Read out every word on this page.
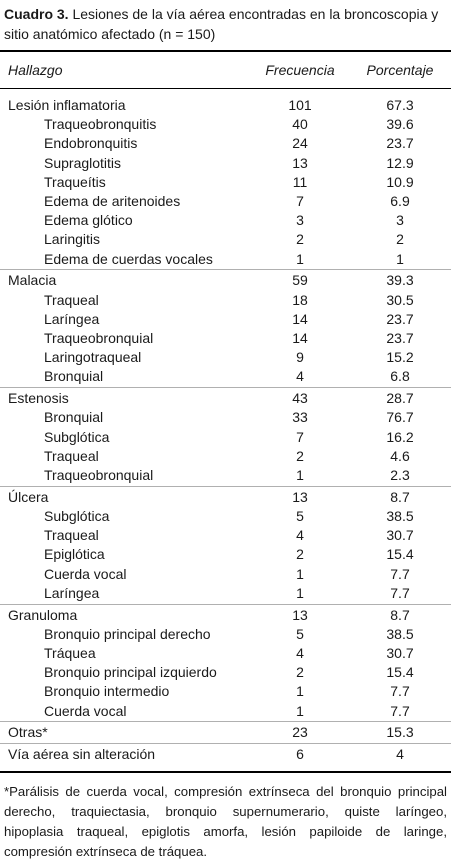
Cuadro 3. Lesiones de la vía aérea encontradas en la broncoscopia y sitio anatómico afectado (n = 150)
Hallazgo	Frecuencia	Porcentaje
Lesión inflamatoria	101	67.3
Traqueobronquitis	40	39.6
Endobronquitis	24	23.7
Supraglotitis	13	12.9
Traqueítis	11	10.9
Edema de aritenoides	7	6.9
Edema glótico	3	3
Laringitis	2	2
Edema de cuerdas vocales	1	1
Malacia	59	39.3
Traqueal	18	30.5
Laríngea	14	23.7
Traqueobronquial	14	23.7
Laringotraqueal	9	15.2
Bronquial	4	6.8
Estenosis	43	28.7
Bronquial	33	76.7
Subglótica	7	16.2
Traqueal	2	4.6
Traqueobronquial	1	2.3
Úlcera	13	8.7
Subglótica	5	38.5
Traqueal	4	30.7
Epiglótica	2	15.4
Cuerda vocal	1	7.7
Laríngea	1	7.7
Granuloma	13	8.7
Bronquio principal derecho	5	38.5
Tráquea	4	30.7
Bronquio principal izquierdo	2	15.4
Bronquio intermedio	1	7.7
Cuerda vocal	1	7.7
Otras*	23	15.3
Vía aérea sin alteración	6	4
*Parálisis de cuerda vocal, compresión extrínseca del bronquio principal derecho, traquiectasia, bronquio supernumerario, quiste laríngeo, hipoplasia traqueal, epiglotis amorfa, lesión papiloide de laringe, compresión extrínseca de tráquea.
